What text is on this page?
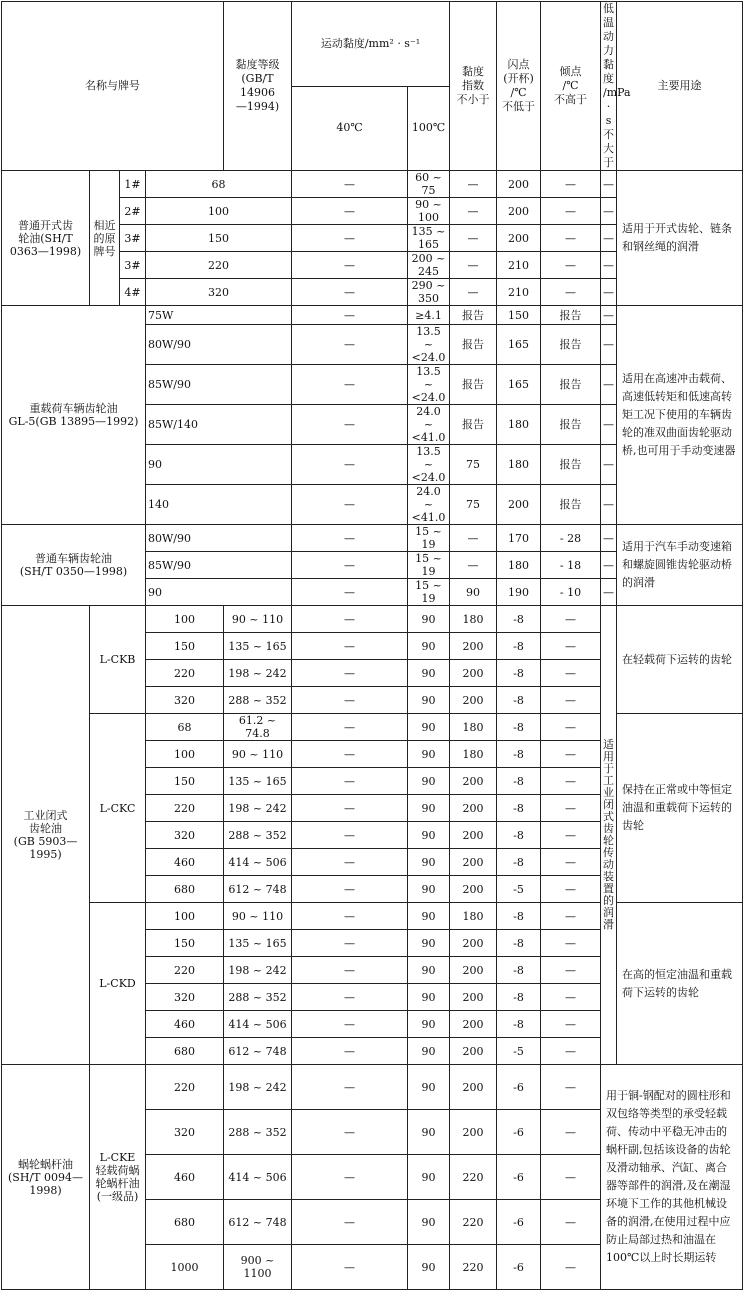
名称与牌号				黏度等级
(GB/T 14906
—1994)	运动黏度/mm² · s⁻¹		黏度
指数
不小于	闪点
(开杯)
/℃
不低于	倾点
/℃
不高于	低温动
力黏度
/mPa · s
不大于	主要用途
					40℃	100℃					
普通开式齿
轮油(SH/T
0363—1998)	相近
的原
牌号	1#	68		—	60 ~ 75	—	200	—	—	适用于开式齿轮、链条和钢丝绳的润滑
		2#	100		—	90 ~ 100	—	200	—	—	
		3#	150		—	135 ~ 165	—	200	—	—	
		3#	220		—	200 ~ 245	—	210	—	—	
		4#	320		—	290 ~ 350	—	210	—	—	
重载荷车辆齿轮油
GL-5(GB 13895—1992)			75W		—	≥4.1	报告	150	报告	—	适用在高速冲击载荷、高速低转矩和低速高转矩工况下使用的车辆齿轮的准双曲面齿轮驱动桥,也可用于手动变速器
			80W/90		—	13.5 ~ <24.0	报告	165	报告	—	
			85W/90		—	13.5 ~ <24.0	报告	165	报告	—	
			85W/140		—	24.0 ~ <41.0	报告	180	报告	—	
			90		—	13.5 ~ <24.0	75	180	报告	—	
			140		—	24.0 ~ <41.0	75	200	报告	—	
普通车辆齿轮油
(SH/T 0350—1998)			80W/90		—	15 ~ 19	—	170	- 28	—	适用于汽车手动变速箱和螺旋圆锥齿轮驱动桥的润滑
			85W/90		—	15 ~ 19	—	180	- 18	—	
			90		—	15 ~ 19	90	190	- 10	—	
工业闭式
齿轮油
(GB 5903—
1995)	L-CKB		100	90 ~ 110	—	90	180	-8	—	适用于工业闭式齿轮传动装置的润滑	在轻载荷下运转的齿轮
			150	135 ~ 165	—	90	200	-8	—		
			220	198 ~ 242	—	90	200	-8	—		
			320	288 ~ 352	—	90	200	-8	—		
	L-CKC		68	61.2 ~ 74.8	—	90	180	-8	—		保持在正常或中等恒定油温和重载荷下运转的齿轮
			100	90 ~ 110	—	90	180	-8	—		
			150	135 ~ 165	—	90	200	-8	—		
			220	198 ~ 242	—	90	200	-8	—		
			320	288 ~ 352	—	90	200	-8	—		
			460	414 ~ 506	—	90	200	-8	—		
			680	612 ~ 748	—	90	200	-5	—		
	L-CKD		100	90 ~ 110	—	90	180	-8	—		在高的恒定油温和重载荷下运转的齿轮
			150	135 ~ 165	—	90	200	-8	—		
			220	198 ~ 242	—	90	200	-8	—		
			320	288 ~ 352	—	90	200	-8	—		
			460	414 ~ 506	—	90	200	-8	—		
			680	612 ~ 748	—	90	200	-5	—		
蜗轮蜗杆油
(SH/T 0094—
1998)	L-CKE
轻载荷蜗
轮蜗杆油
(一级品)		220	198 ~ 242	—	90	200	-6	—	用于铜-钢配对的圆柱形和双包络等类型的承受轻载荷、传动中平稳无冲击的蜗杆副,包括该设备的齿轮及滑动轴承、汽缸、离合器等部件的润滑,及在潮湿环境下工作的其他机械设备的润滑,在使用过程中应防止局部过热和油温在100℃以上时长期运转	
			320	288 ~ 352	—	90	200	-6	—		
			460	414 ~ 506	—	90	220	-6	—		
			680	612 ~ 748	—	90	220	-6	—		
			1000	900 ~ 1100	—	90	220	-6	—		
